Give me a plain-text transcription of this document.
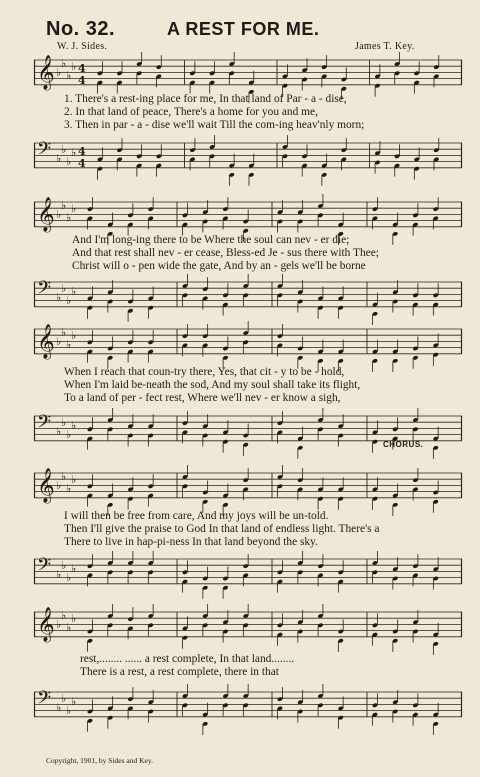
No. 32.	A REST FOR ME.
W. J. Sides.	James T. Key.
𝄞 ♭
♭
♭
♭ 4
4
1. There's a rest-ing place for me, In that land of Par - a - dise,
2. In that land of peace, There's a home for you and me,
3. Then in par - a - dise we'll wait Till the com-ing heav'nly morn;
𝄢 ♭
♭
♭
♭ 4
4
𝄞 ♭
♭
♭
♭
And I'm long-ing there to be Where the soul can nev - er die;
And that rest shall nev - er cease, Bless-ed Je - sus there with Thee;
Christ will o - pen wide the gate, And by an - gels we'll be borne
𝄢 ♭
♭
♭
♭
𝄞 ♭
♭
♭
♭
When I reach that coun-try there, Yes, that cit - y to be - hold,
When I'm laid be-neath the sod, And my soul shall take its flight,
To a land of per - fect rest, Where we'll nev - er know a sigh,
𝄢 ♭
♭
♭
♭
CHORUS.
𝄞 ♭
♭
♭
♭
I will then be free from care, And my joys will be un-told.
Then I'll give the praise to God In that land of endless light. There's a
There to live in hap-pi-ness In that land beyond the sky.
𝄢 ♭
♭
♭
♭
𝄞 ♭
♭
♭
♭
rest,........ ...... a rest complete, In that land........
There is a rest, a rest complete, there in that
𝄢 ♭
♭
♭
♭
Copyright, 1901, by Sides and Key.
